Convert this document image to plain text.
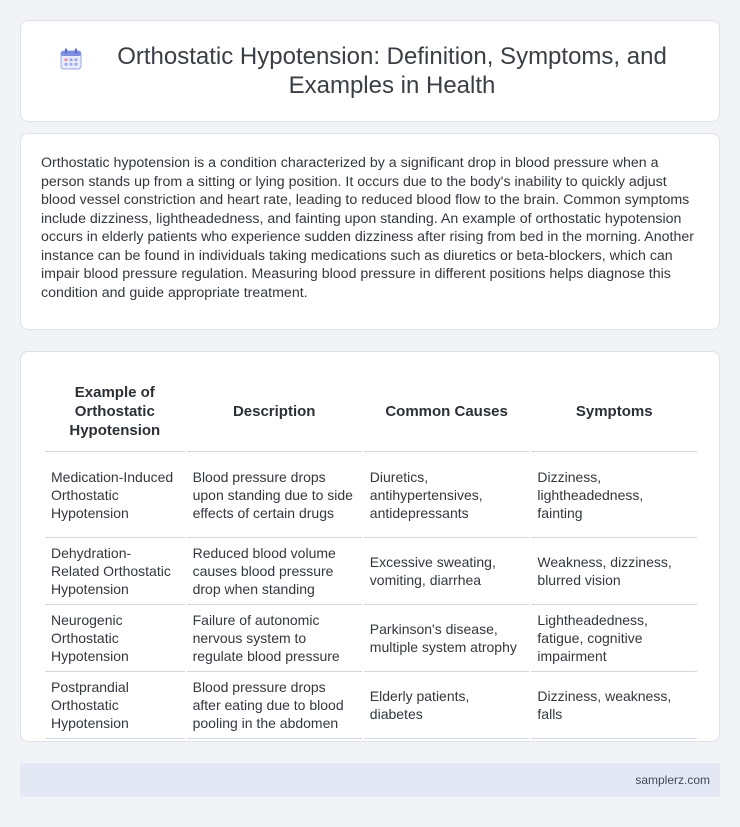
Orthostatic Hypotension: Definition, Symptoms, and Examples in Health

Orthostatic hypotension is a condition characterized by a significant drop in blood pressure when a person stands up from a sitting or lying position. It occurs due to the body's inability to quickly adjust blood vessel constriction and heart rate, leading to reduced blood flow to the brain. Common symptoms include dizziness, lightheadedness, and fainting upon standing. An example of orthostatic hypotension occurs in elderly patients who experience sudden dizziness after rising from bed in the morning. Another instance can be found in individuals taking medications such as diuretics or beta-blockers, which can impair blood pressure regulation. Measuring blood pressure in different positions helps diagnose this condition and guide appropriate treatment.

Example of Orthostatic Hypotension	Description	Common Causes	Symptoms
Medication-Induced Orthostatic Hypotension	Blood pressure drops upon standing due to side effects of certain drugs	Diuretics, antihypertensives, antidepressants	Dizziness, lightheadedness, fainting
Dehydration-Related Orthostatic Hypotension	Reduced blood volume causes blood pressure drop when standing	Excessive sweating, vomiting, diarrhea	Weakness, dizziness, blurred vision
Neurogenic Orthostatic Hypotension	Failure of autonomic nervous system to regulate blood pressure	Parkinson's disease, multiple system atrophy	Lightheadedness, fatigue, cognitive impairment
Postprandial Orthostatic Hypotension	Blood pressure drops after eating due to blood pooling in the abdomen	Elderly patients, diabetes	Dizziness, weakness, falls
samplerz.com
